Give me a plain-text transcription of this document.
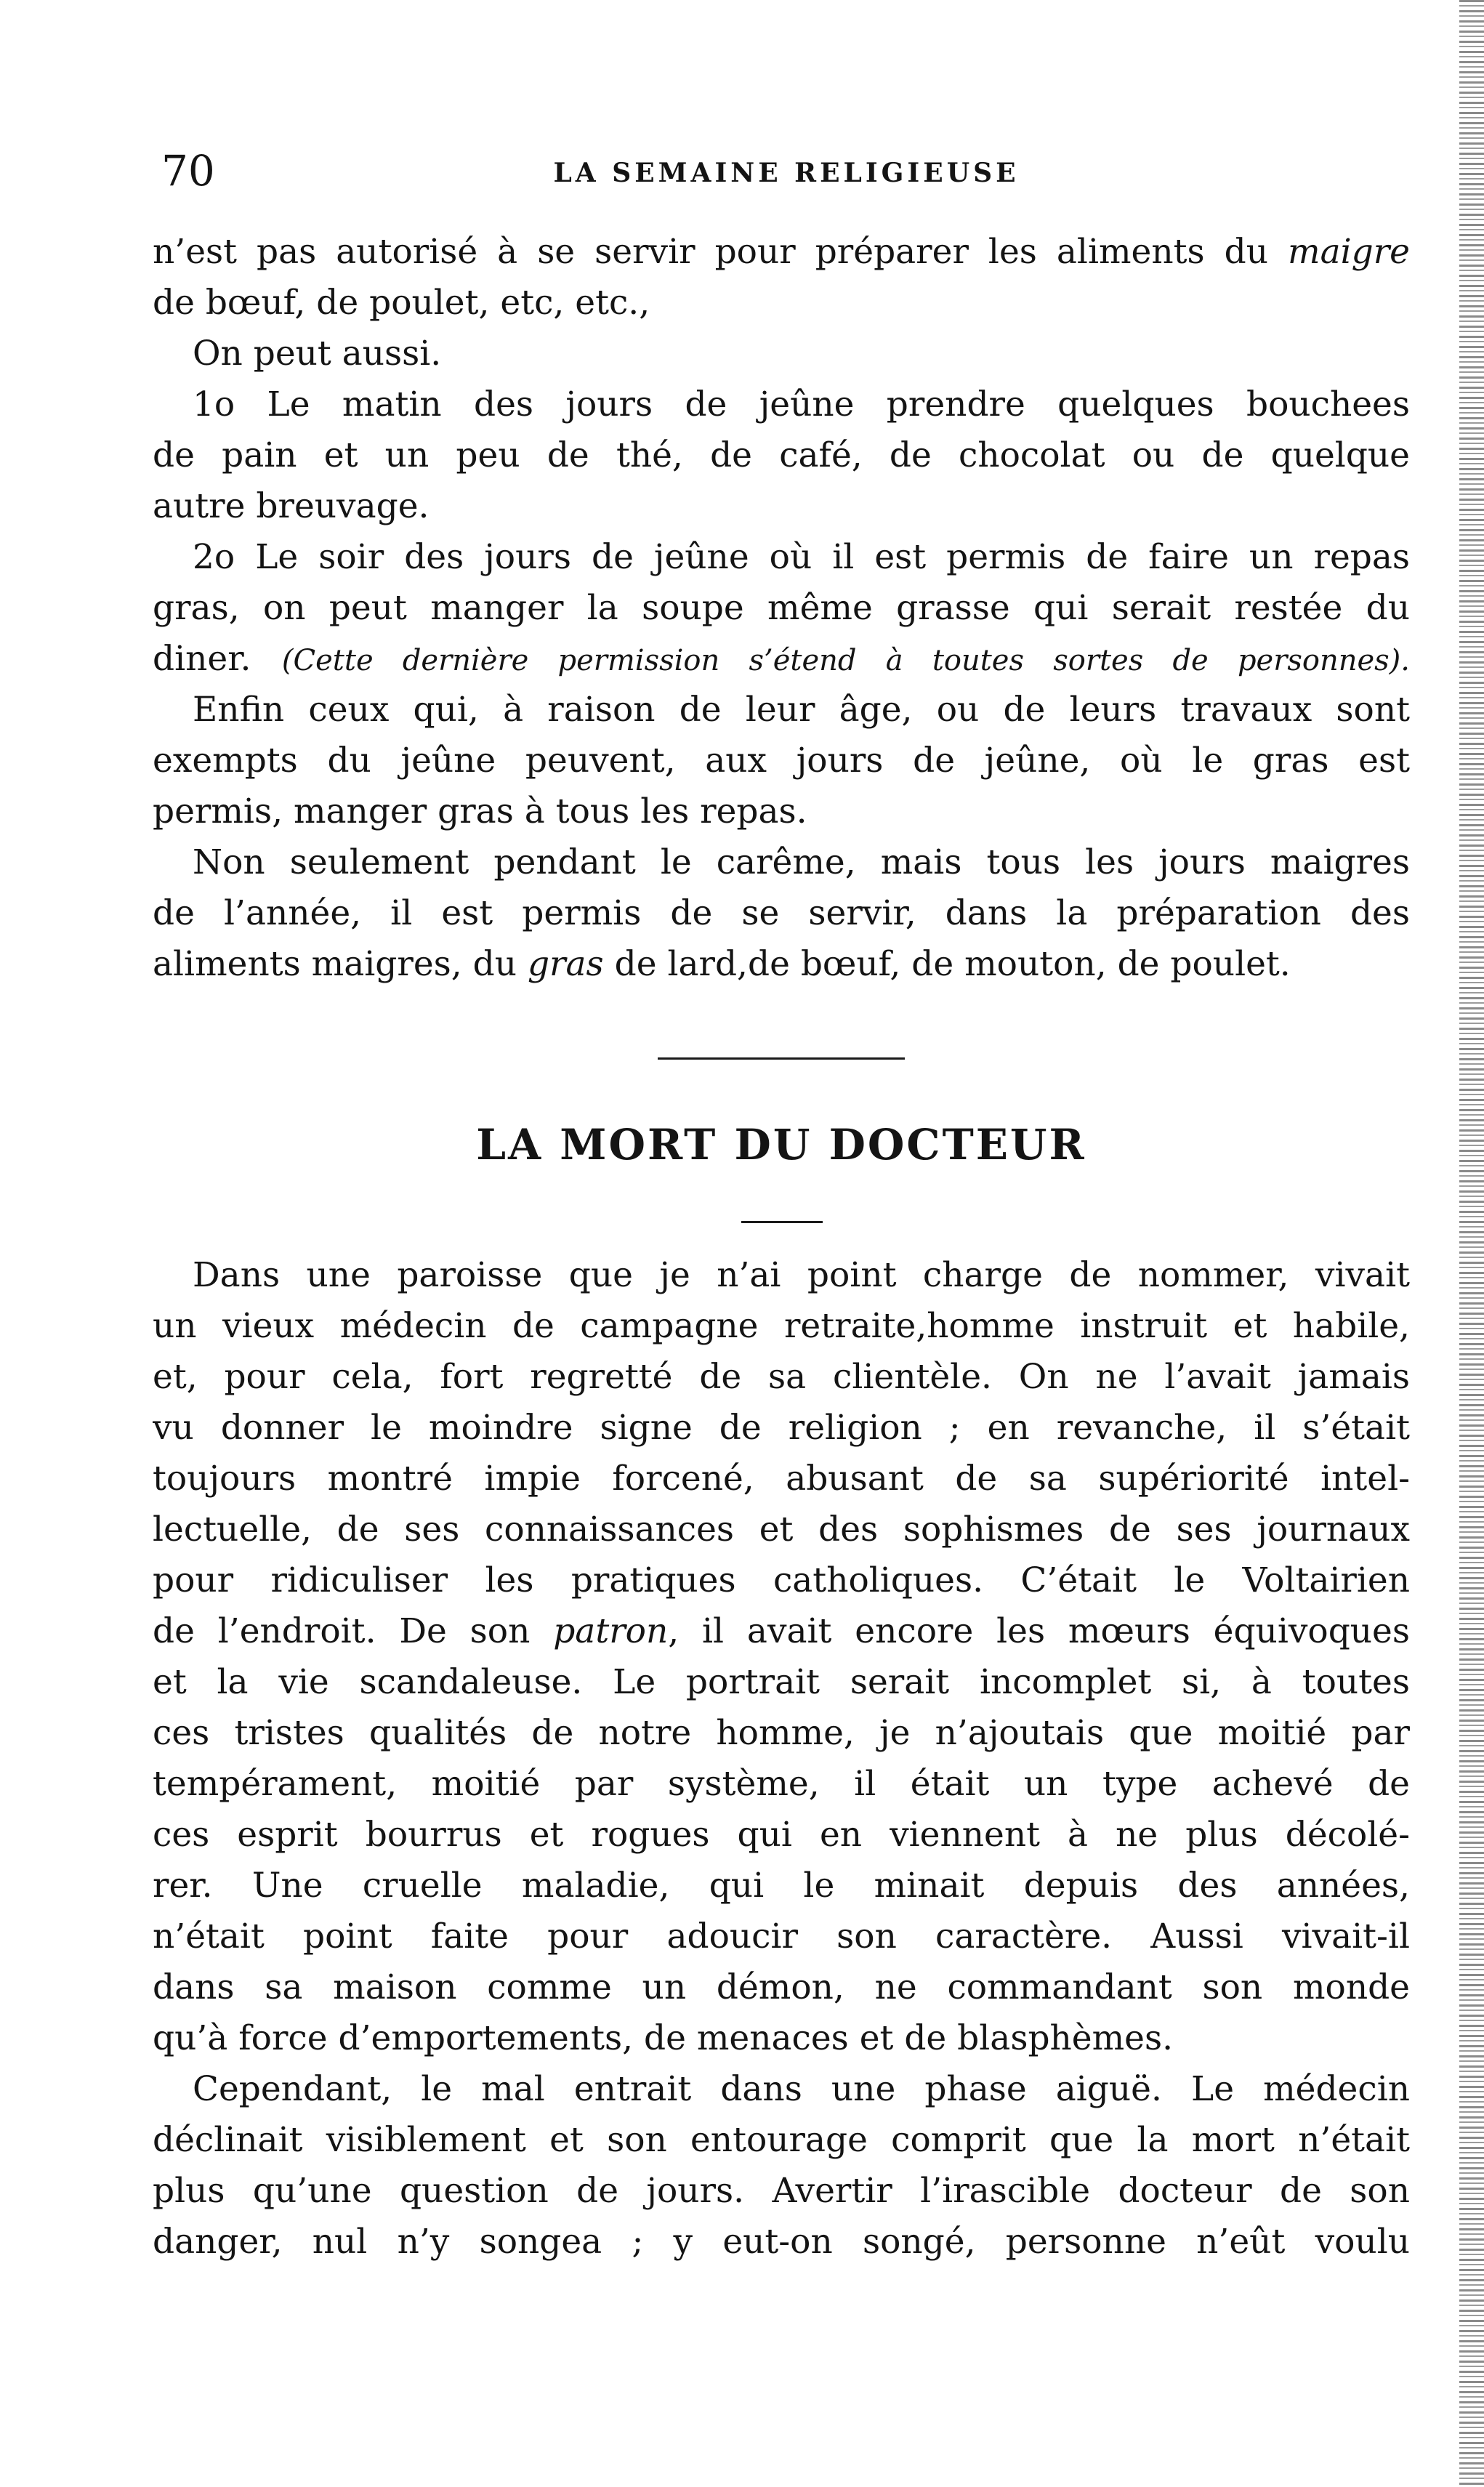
70	LA SEMAINE RELIGIEUSE
n’est pas autorisé à se servir pour préparer les aliments du maigre
de bœuf, de poulet, etc, etc.,
On peut aussi.
1o Le matin des jours de jeûne prendre quelques bouchees
de pain et un peu de thé, de café, de chocolat ou de quelque
autre breuvage.
2o Le soir des jours de jeûne où il est permis de faire un repas
gras, on peut manger la soupe même grasse qui serait restée du
diner. (Cette dernière permission s’étend à toutes sortes de personnes).
Enfin ceux qui, à raison de leur âge, ou de leurs travaux sont
exempts du jeûne peuvent, aux jours de jeûne, où le gras est
permis, manger gras à tous les repas.
Non seulement pendant le carême, mais tous les jours maigres
de l’année, il est permis de se servir, dans la préparation des
aliments maigres, du gras de lard,de bœuf, de mouton, de poulet.
LA MORT DU DOCTEUR
Dans une paroisse que je n’ai point charge de nommer, vivait
un vieux médecin de campagne retraite,homme instruit et habile,
et, pour cela, fort regretté de sa clientèle. On ne l’avait jamais
vu donner le moindre signe de religion ; en revanche, il s’était
toujours montré impie forcené, abusant de sa supériorité intel-
lectuelle, de ses connaissances et des sophismes de ses journaux
pour ridiculiser les pratiques catholiques. C’était le Voltairien
de l’endroit. De son patron, il avait encore les mœurs équivoques
et la vie scandaleuse. Le portrait serait incomplet si, à toutes
ces tristes qualités de notre homme, je n’ajoutais que moitié par
tempérament, moitié par système, il était un type achevé de
ces esprit bourrus et rogues qui en viennent à ne plus décolé-
rer. Une cruelle maladie, qui le minait depuis des années,
n’était point faite pour adoucir son caractère. Aussi vivait-il
dans sa maison comme un démon, ne commandant son monde
qu’à force d’emportements, de menaces et de blasphèmes.
Cependant, le mal entrait dans une phase aiguë. Le médecin
déclinait visiblement et son entourage comprit que la mort n’était
plus qu’une question de jours. Avertir l’irascible docteur de son
danger, nul n’y songea ; y eut-on songé, personne n’eût voulu
